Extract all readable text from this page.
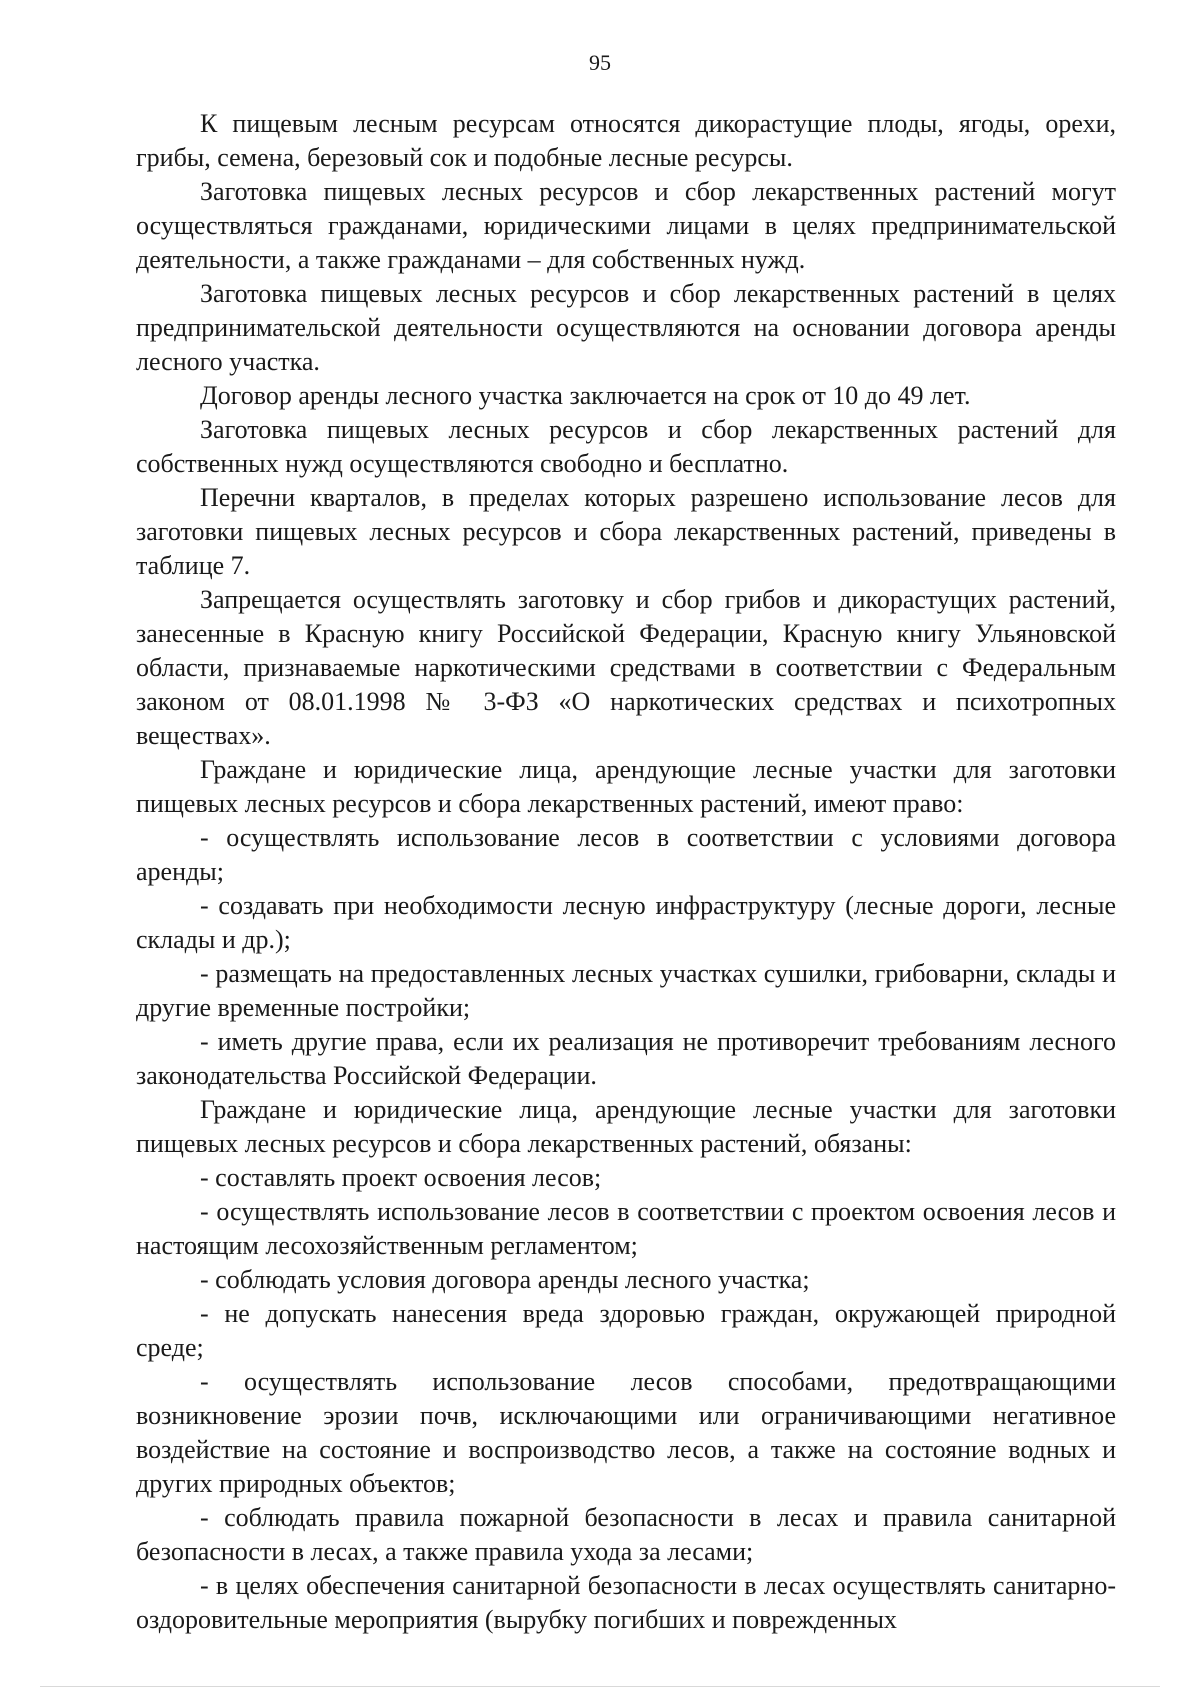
95

К пищевым лесным ресурсам относятся дикорастущие плоды, ягоды, орехи, грибы, семена, березовый сок и подобные лесные ресурсы.

Заготовка пищевых лесных ресурсов и сбор лекарственных растений могут осуществляться гражданами, юридическими лицами в целях предпринимательской деятельности, а также гражданами – для собственных нужд.

Заготовка пищевых лесных ресурсов и сбор лекарственных растений в целях предпринимательской деятельности осуществляются на основании договора аренды лесного участка.

Договор аренды лесного участка заключается на срок от 10 до 49 лет.

Заготовка пищевых лесных ресурсов и сбор лекарственных растений для собственных нужд осуществляются свободно и бесплатно.

Перечни кварталов, в пределах которых разрешено использование лесов для заготовки пищевых лесных ресурсов и сбора лекарственных растений, приведены в таблице 7.

Запрещается осуществлять заготовку и сбор грибов и дикорастущих растений, занесенные в Красную книгу Российской Федерации, Красную книгу Ульяновской области, признаваемые наркотическими средствами в соответствии с Федеральным законом от 08.01.1998 № 3-ФЗ «О наркотических средствах и психотропных веществах».

Граждане и юридические лица, арендующие лесные участки для заготовки пищевых лесных ресурсов и сбора лекарственных растений, имеют право:

- осуществлять использование лесов в соответствии с условиями договора аренды;

- создавать при необходимости лесную инфраструктуру (лесные дороги, лесные склады и др.);

- размещать на предоставленных лесных участках сушилки, грибоварни, склады и другие временные постройки;

- иметь другие права, если их реализация не противоречит требованиям лесного законодательства Российской Федерации.

Граждане и юридические лица, арендующие лесные участки для заготовки пищевых лесных ресурсов и сбора лекарственных растений, обязаны:

- составлять проект освоения лесов;

- осуществлять использование лесов в соответствии с проектом освоения лесов и настоящим лесохозяйственным регламентом;

- соблюдать условия договора аренды лесного участка;

- не допускать нанесения вреда здоровью граждан, окружающей природной среде;

- осуществлять использование лесов способами, предотвращающими возникновение эрозии почв, исключающими или ограничивающими негативное воздействие на состояние и воспроизводство лесов, а также на состояние водных и других природных объектов;

- соблюдать правила пожарной безопасности в лесах и правила санитарной безопасности в лесах, а также правила ухода за лесами;

- в целях обеспечения санитарной безопасности в лесах осуществлять санитарно-оздоровительные мероприятия (вырубку погибших и поврежденных
